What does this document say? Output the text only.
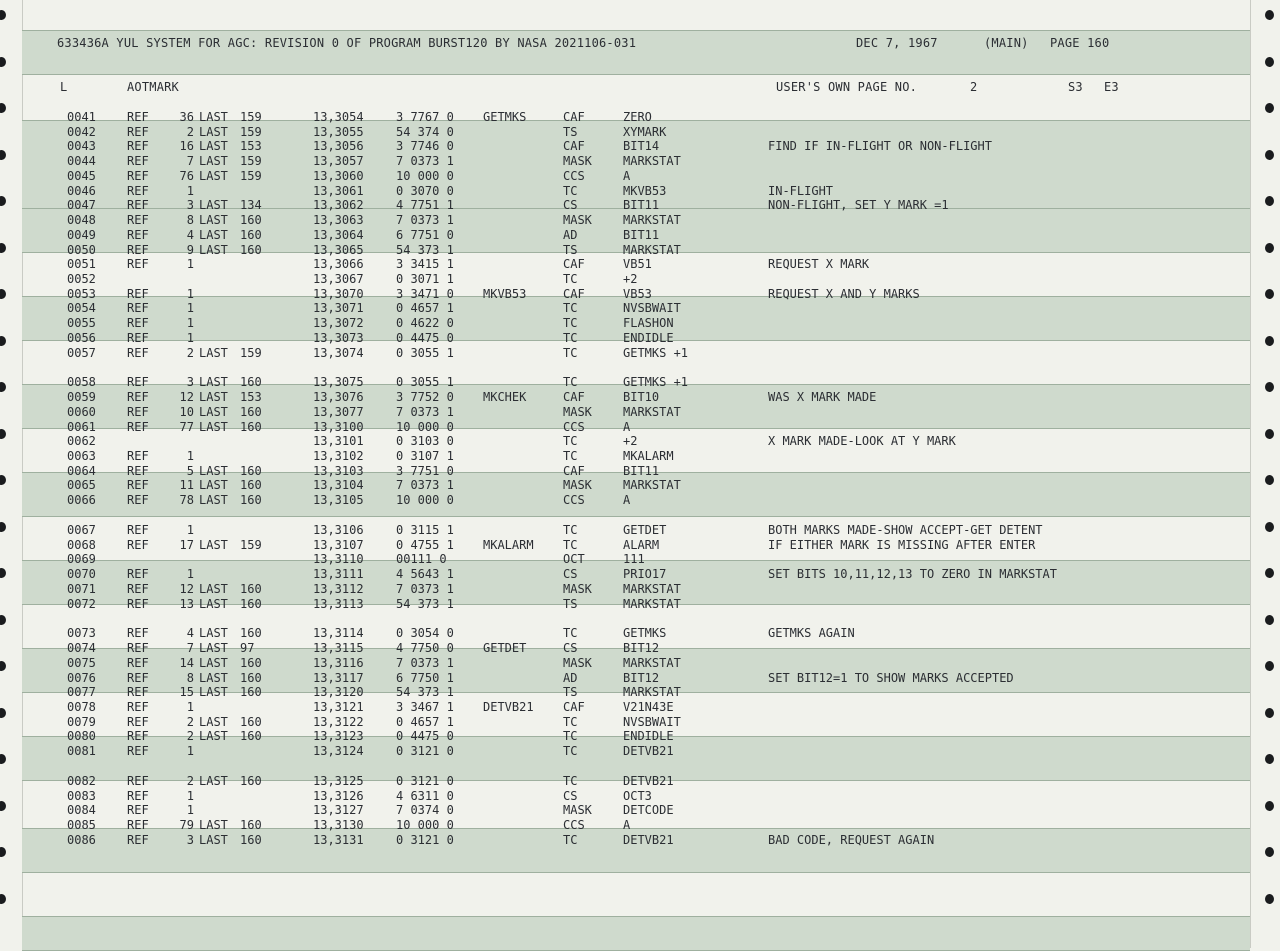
633436A YUL SYSTEM FOR AGC: REVISION 0 OF PROGRAM BURST120 BY NASA 2021106-031	DEC 7, 1967	(MAIN) PAGE 160
L	AOTMARK	USER'S OWN PAGE NO.	2	S3 E3
0041	REF	36 LAST 159	13,3054	3 7767 0 GETMKS	CAF	ZERO
0042	REF	2 LAST 159	13,3055	54 374 0	TS	XYMARK
0043	REF	16 LAST 153	13,3056	3 7746 0	CAF	BIT14	FIND IF IN-FLIGHT OR NON-FLIGHT
0044	REF	7 LAST 159	13,3057	7 0373 1	MASK	MARKSTAT
0045	REF	76 LAST 159	13,3060	10 000 0	CCS	A
0046	REF	1	13,3061	0 3070 0	TC	MKVB53	IN-FLIGHT
0047	REF	3 LAST 134	13,3062	4 7751 1	CS	BIT11	NON-FLIGHT, SET Y MARK =1
0048	REF	8 LAST 160	13,3063	7 0373 1	MASK	MARKSTAT
0049	REF	4 LAST 160	13,3064	6 7751 0	AD	BIT11
0050	REF	9 LAST 160	13,3065	54 373 1	TS	MARKSTAT
0051	REF	1	13,3066	3 3415 1	CAF	VB51	REQUEST X MARK
0052	13,3067	0 3071 1	TC	+2
0053	REF	1	13,3070	3 3471 0 MKVB53	CAF	VB53	REQUEST X AND Y MARKS
0054	REF	1	13,3071	0 4657 1	TC	NVSBWAIT
0055	REF	1	13,3072	0 4622 0	TC	FLASHON
0056	REF	1	13,3073	0 4475 0	TC	ENDIDLE
0057	REF	2 LAST 159	13,3074	0 3055 1	TC	GETMKS +1
0058	REF	3 LAST 160	13,3075	0 3055 1	TC	GETMKS +1
0059	REF	12 LAST 153	13,3076	3 7752 0 MKCHEK	CAF	BIT10	WAS X MARK MADE
0060	REF	10 LAST 160	13,3077	7 0373 1	MASK	MARKSTAT
0061	REF	77 LAST 160	13,3100	10 000 0	CCS	A
0062	13,3101	0 3103 0	TC	+2	X MARK MADE-LOOK AT Y MARK
0063	REF	1	13,3102	0 3107 1	TC	MKALARM
0064	REF	5 LAST 160	13,3103	3 7751 0	CAF	BIT11
0065	REF	11 LAST 160	13,3104	7 0373 1	MASK	MARKSTAT
0066	REF	78 LAST 160	13,3105	10 000 0	CCS	A
0067	REF	1	13,3106	0 3115 1	TC	GETDET	BOTH MARKS MADE-SHOW ACCEPT-GET DETENT
0068	REF	17 LAST 159	13,3107	0 4755 1 MKALARM TC	ALARM	IF EITHER MARK IS MISSING AFTER ENTER
0069	13,3110	00111 0	OCT	111
0070	REF	1	13,3111	4 5643 1	CS	PRIO17	SET BITS 10,11,12,13 TO ZERO IN MARKSTAT
0071	REF	12 LAST 160	13,3112	7 0373 1	MASK	MARKSTAT
0072	REF	13 LAST 160	13,3113	54 373 1	TS	MARKSTAT
0073	REF	4 LAST 160	13,3114	0 3054 0	TC	GETMKS	GETMKS AGAIN
0074	REF	7 LAST 97	13,3115	4 7750 0 GETDET	CS	BIT12
0075	REF	14 LAST 160	13,3116	7 0373 1	MASK	MARKSTAT
0076	REF	8 LAST 160	13,3117	6 7750 1	AD	BIT12	SET BIT12=1 TO SHOW MARKS ACCEPTED
0077	REF	15 LAST 160	13,3120	54 373 1	TS	MARKSTAT
0078	REF	1	13,3121	3 3467 1 DETVB21 CAF	V21N43E
0079	REF	2 LAST 160	13,3122	0 4657 1	TC	NVSBWAIT
0080	REF	2 LAST 160	13,3123	0 4475 0	TC	ENDIDLE
0081	REF	1	13,3124	0 3121 0	TC	DETVB21
0082	REF	2 LAST 160	13,3125	0 3121 0	TC	DETVB21
0083	REF	1	13,3126	4 6311 0	CS	OCT3
0084	REF	1	13,3127	7 0374 0	MASK	DETCODE
0085	REF	79 LAST 160	13,3130	10 000 0	CCS	A
0086	REF	3 LAST 160	13,3131	0 3121 0	TC	DETVB21	BAD CODE, REQUEST AGAIN
